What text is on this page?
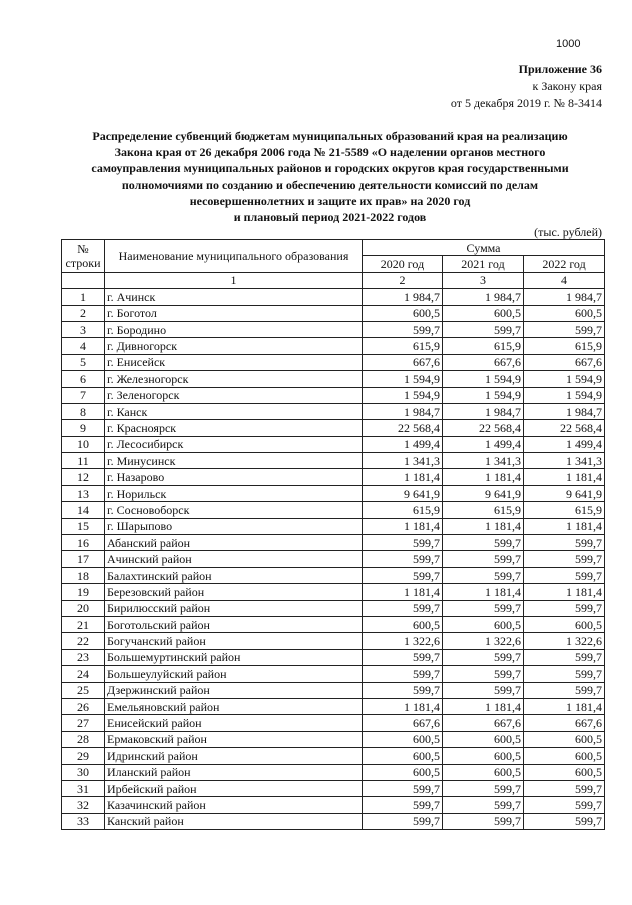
1000
Приложение 36
к Закону края
от 5 декабря 2019 г. № 8-3414
Распределение субвенций бюджетам муниципальных образований края на реализацию
Закона края от 26 декабря 2006 года № 21-5589 «О наделении органов местного
самоуправления муниципальных районов и городских округов края государственными
полномочиями по созданию и обеспечению деятельности комиссий по делам
несовершеннолетних и защите их прав» на 2020 год
и плановый период 2021-2022 годов
(тыс. рублей)
№ строки	Наименование муниципального образования	Сумма		
		2020 год	2021 год	2022 год
	1	2	3	4
1	г. Ачинск	1 984,7	1 984,7	1 984,7
2	г. Боготол	600,5	600,5	600,5
3	г. Бородино	599,7	599,7	599,7
4	г. Дивногорск	615,9	615,9	615,9
5	г. Енисейск	667,6	667,6	667,6
6	г. Железногорск	1 594,9	1 594,9	1 594,9
7	г. Зеленогорск	1 594,9	1 594,9	1 594,9
8	г. Канск	1 984,7	1 984,7	1 984,7
9	г. Красноярск	22 568,4	22 568,4	22 568,4
10	г. Лесосибирск	1 499,4	1 499,4	1 499,4
11	г. Минусинск	1 341,3	1 341,3	1 341,3
12	г. Назарово	1 181,4	1 181,4	1 181,4
13	г. Норильск	9 641,9	9 641,9	9 641,9
14	г. Сосновоборск	615,9	615,9	615,9
15	г. Шарыпово	1 181,4	1 181,4	1 181,4
16	Абанский район	599,7	599,7	599,7
17	Ачинский район	599,7	599,7	599,7
18	Балахтинский район	599,7	599,7	599,7
19	Березовский район	1 181,4	1 181,4	1 181,4
20	Бирилюсский район	599,7	599,7	599,7
21	Боготольский район	600,5	600,5	600,5
22	Богучанский район	1 322,6	1 322,6	1 322,6
23	Большемуртинский район	599,7	599,7	599,7
24	Большеулуйский район	599,7	599,7	599,7
25	Дзержинский район	599,7	599,7	599,7
26	Емельяновский район	1 181,4	1 181,4	1 181,4
27	Енисейский район	667,6	667,6	667,6
28	Ермаковский район	600,5	600,5	600,5
29	Идринский район	600,5	600,5	600,5
30	Иланский район	600,5	600,5	600,5
31	Ирбейский район	599,7	599,7	599,7
32	Казачинский район	599,7	599,7	599,7
33	Канский район	599,7	599,7	599,7
